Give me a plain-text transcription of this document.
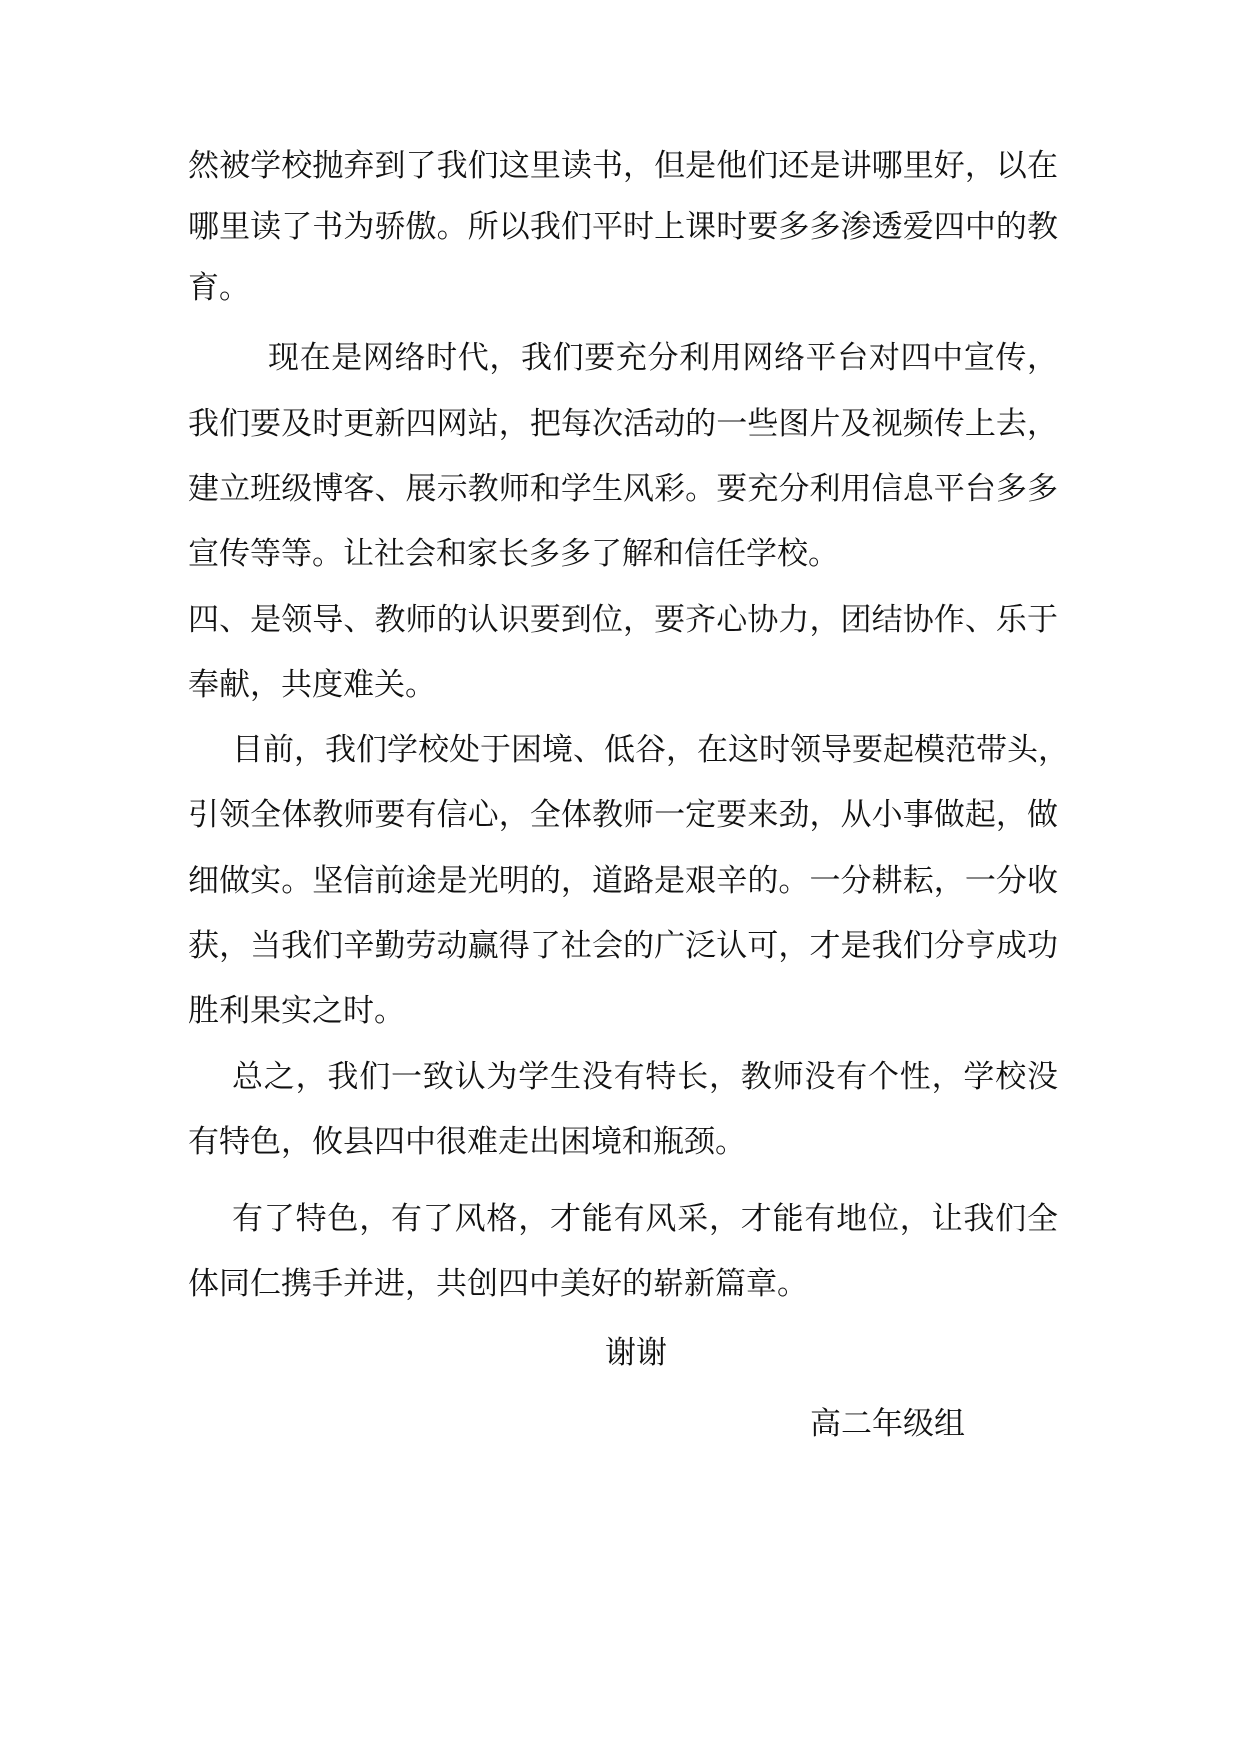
然被学校抛弃到了我们这里读书，但是他们还是讲哪里好，以在
哪里读了书为骄傲。所以我们平时上课时要多多渗透爱四中的教
育。
现在是网络时代，我们要充分利用网络平台对四中宣传，
我们要及时更新四网站，把每次活动的一些图片及视频传上去，
建立班级博客、展示教师和学生风彩。要充分利用信息平台多多
宣传等等。让社会和家长多多了解和信任学校。
四、是领导、教师的认识要到位，要齐心协力，团结协作、乐于
奉献，共度难关。
目前，我们学校处于困境、低谷，在这时领导要起模范带头，
引领全体教师要有信心，全体教师一定要来劲，从小事做起，做
细做实。坚信前途是光明的，道路是艰辛的。一分耕耘，一分收
获，当我们辛勤劳动赢得了社会的广泛认可，才是我们分亨成功
胜利果实之时。
总之，我们一致认为学生没有特长，教师没有个性，学校没
有特色，攸县四中很难走出困境和瓶颈。
有了特色，有了风格，才能有风采，才能有地位，让我们全
体同仁携手并进，共创四中美好的崭新篇章。
谢谢
高二年级组
